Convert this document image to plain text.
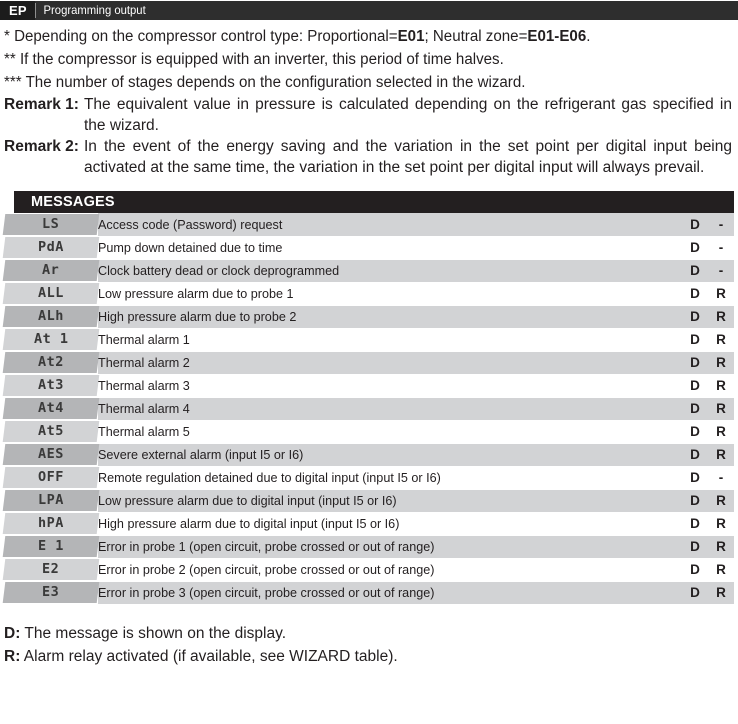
EP	Programming output
* Depending on the compressor control type: Proportional=E01; Neutral zone=E01-E06.
** If the compressor is equipped with an inverter, this period of time halves.
*** The number of stages depends on the configuration selected in the wizard.
Remark 1: The equivalent value in pressure is calculated depending on the refrigerant gas specified in the wizard.
Remark 2: In the event of the energy saving and the variation in the set point per digital input being activated at the same time, the variation in the set point per digital input will always prevail.
MESSAGES
LS	Access code (Password) request	D	-

PdA	Pump down detained due to time	D	-

Ar	Clock battery dead or clock deprogrammed	D	-

ALL	Low pressure alarm due to probe 1	D	R

ALh	High pressure alarm due to probe 2	D	R

At 1	Thermal alarm 1	D	R

At2	Thermal alarm 2	D	R

At3	Thermal alarm 3	D	R

At4	Thermal alarm 4	D	R

At5	Thermal alarm 5	D	R

AES	Severe external alarm (input I5 or I6)	D	R

OFF	Remote regulation detained due to digital input (input I5 or I6)	D	-

LPA	Low pressure alarm due to digital input (input I5 or I6)	D	R

hPA	High pressure alarm due to digital input (input I5 or I6)	D	R

E 1	Error in probe 1 (open circuit, probe crossed or out of range)	D	R

E2	Error in probe 2 (open circuit, probe crossed or out of range)	D	R

E3	Error in probe 3 (open circuit, probe crossed or out of range)	D	R

D: The message is shown on the display.

R: Alarm relay activated (if available, see WIZARD table).
